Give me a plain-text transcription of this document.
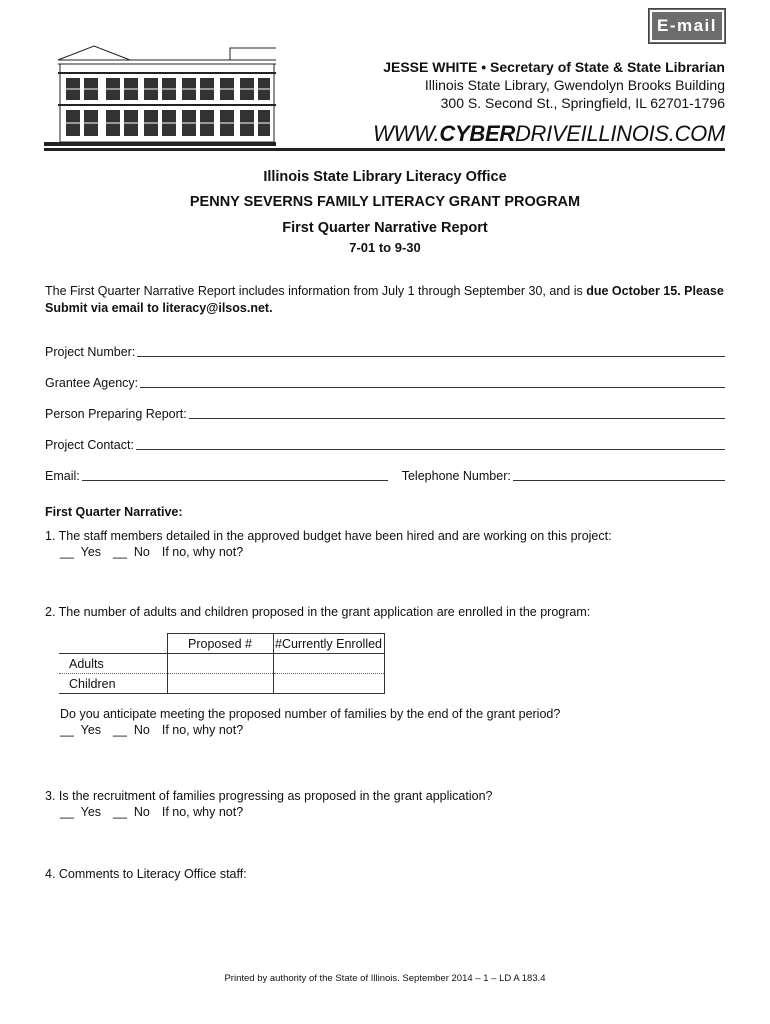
E-mail
JESSE WHITE • Secretary of State & State Librarian
Illinois State Library, Gwendolyn Brooks Building
300 S. Second St., Springfield, IL 62701-1796
WWW.CYBERDRIVEILLINOIS.COM
Illinois State Library Literacy Office
PENNY SEVERNS FAMILY LITERACY GRANT PROGRAM
First Quarter Narrative Report
7-01 to 9-30
The First Quarter Narrative Report includes information from July 1 through September 30, and is due October 15. Please Submit via email to literacy@ilsos.net.
Project Number:
Grantee Agency:
Person Preparing Report:
Project Contact:
Email:	Telephone Number:
First Quarter Narrative:
1. The staff members detailed in the approved budget have been hired and are working on this project:
__  Yes __  No If no, why not?
2. The number of adults and children proposed in the grant application are enrolled in the program:
	Proposed #	#Currently Enrolled
Adults		
Children		
Do you anticipate meeting the proposed number of families by the end of the grant period?
__  Yes __  No If no, why not?
3. Is the recruitment of families progressing as proposed in the grant application?
__  Yes __  No If no, why not?
4. Comments to Literacy Office staff:
Printed by authority of the State of Illinois. September 2014 – 1 – LD A 183.4
